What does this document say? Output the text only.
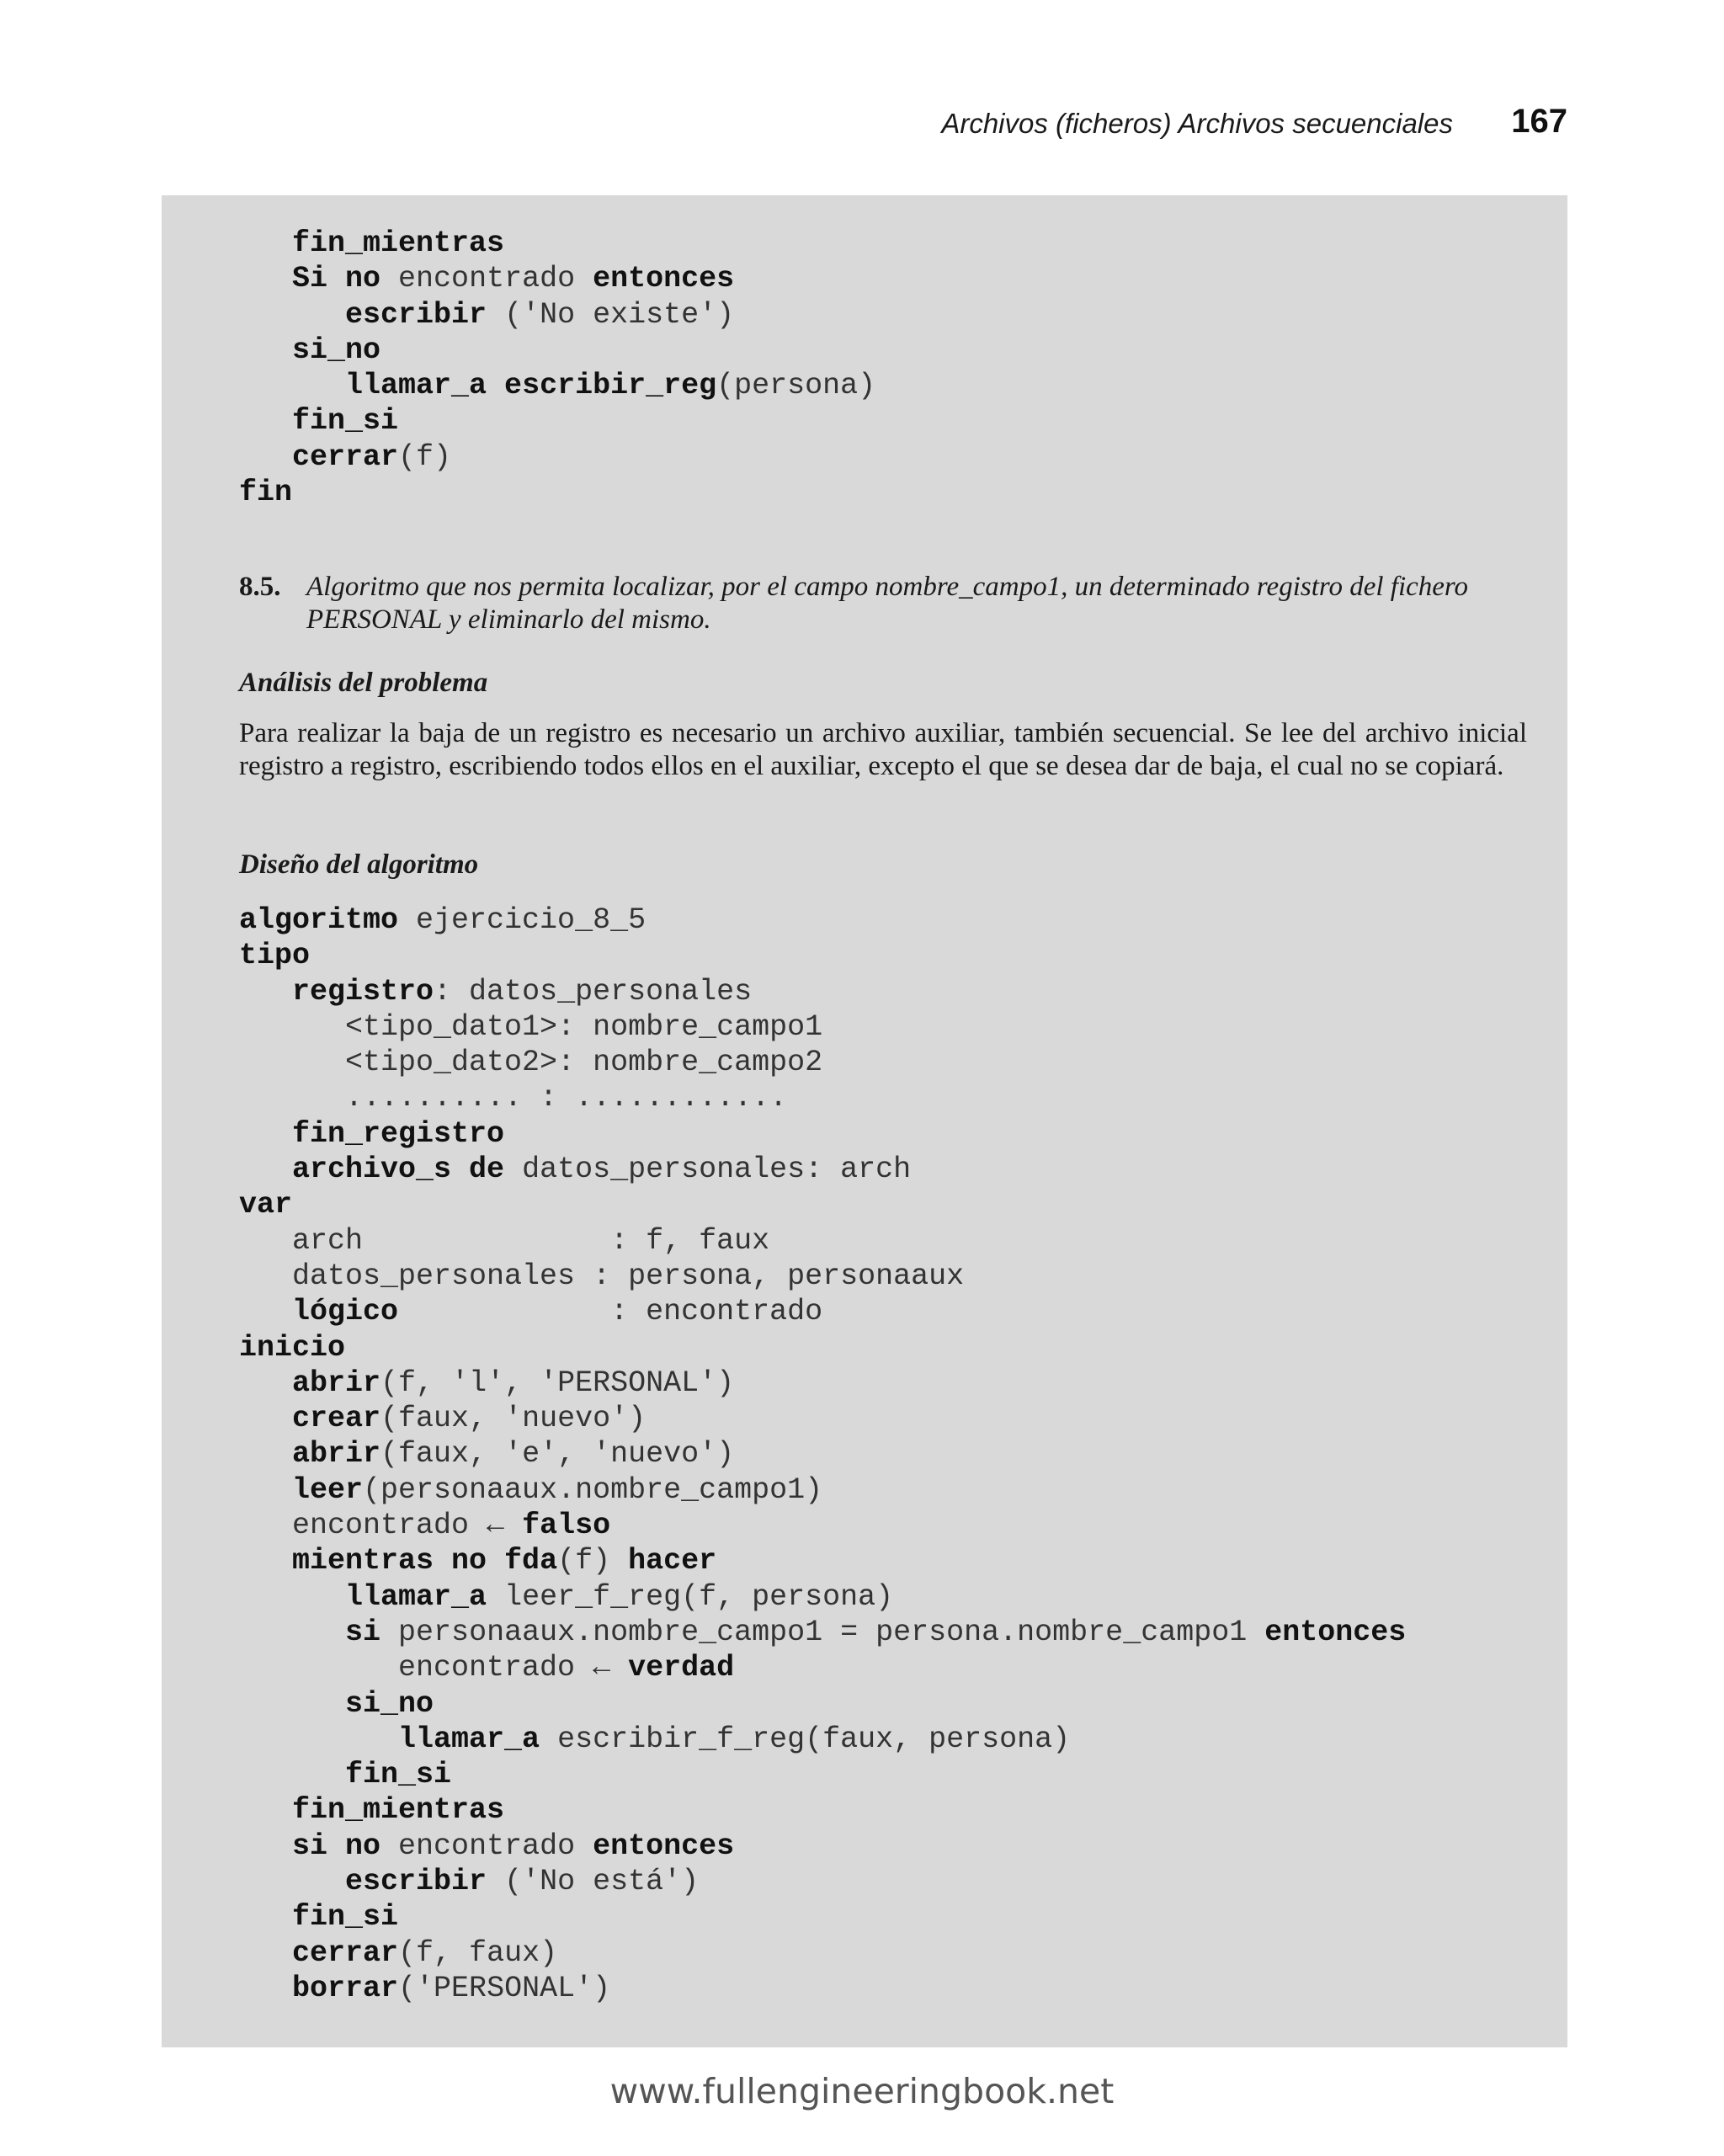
Archivos (ficheros) Archivos secuenciales 167
fin_mientras
Si no encontrado entonces
escribir ('No existe')
si_no
llamar_a escribir_reg(persona)
fin_si
cerrar(f)
fin
8.5. Algoritmo que nos permita localizar, por el campo nombre_campo1, un determinado registro del fichero PERSONAL y eliminarlo del mismo.
Análisis del problema
Para realizar la baja de un registro es necesario un archivo auxiliar, también secuencial. Se lee del archivo inicial registro a registro, escribiendo todos ellos en el auxiliar, excepto el que se desea dar de baja, el cual no se copiará.
Diseño del algoritmo
algoritmo ejercicio_8_5
tipo
registro: datos_personales
<tipo_dato1>: nombre_campo1
<tipo_dato2>: nombre_campo2
.......... : ............
fin_registro
archivo_s de datos_personales: arch
var
arch              : f, faux
datos_personales : persona, personaaux
lógico            : encontrado
inicio
abrir(f, 'l', 'PERSONAL')
crear(faux, 'nuevo')
abrir(faux, 'e', 'nuevo')
leer(personaaux.nombre_campo1)
encontrado ← falso
mientras no fda(f) hacer
llamar_a leer_f_reg(f, persona)
si personaaux.nombre_campo1 = persona.nombre_campo1 entonces
encontrado ← verdad
si_no
llamar_a escribir_f_reg(faux, persona)
fin_si
fin_mientras
si no encontrado entonces
escribir ('No está')
fin_si
cerrar(f, faux)
borrar('PERSONAL')
www.fullengineeringbook.net
